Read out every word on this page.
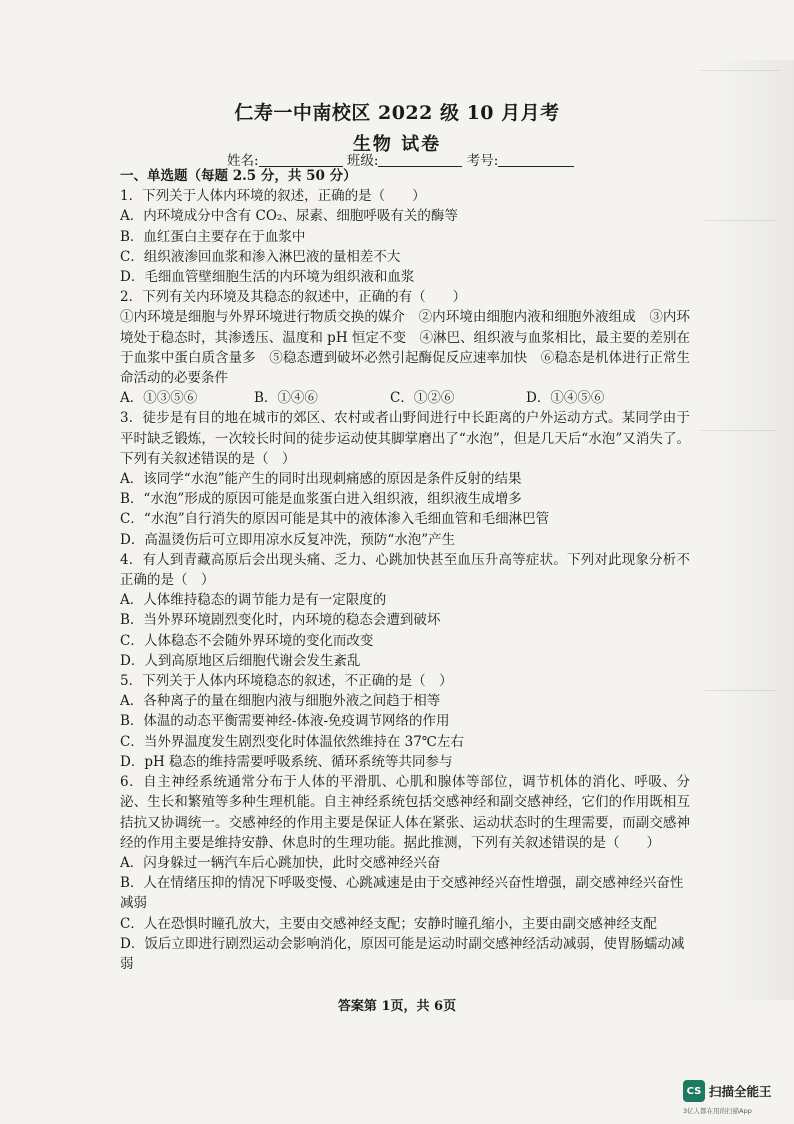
仁寿一中南校区 2022 级 10 月月考
生物 试卷
姓名:	班级:	考号:

一、单选题（每题 2.5 分，共 50 分）

1．下列关于人体内环境的叙述，正确的是（　　）

A．内环境成分中含有 CO₂、尿素、细胞呼吸有关的酶等

B．血红蛋白主要存在于血浆中

C．组织液渗回血浆和渗入淋巴液的量相差不大

D．毛细血管壁细胞生活的内环境为组织液和血浆

2．下列有关内环境及其稳态的叙述中，正确的有（　　）

①内环境是细胞与外界环境进行物质交换的媒介　②内环境由细胞内液和细胞外液组成　③内环境处于稳态时，其渗透压、温度和 pH 恒定不变　④淋巴、组织液与血浆相比，最主要的差别在于血浆中蛋白质含量多　⑤稳态遭到破坏必然引起酶促反应速率加快　⑥稳态是机体进行正常生命活动的必要条件

A．①③⑤⑥	B．①④⑥	C．①②⑥	D．①④⑤⑥

3．徒步是有目的地在城市的郊区、农村或者山野间进行中长距离的户外运动方式。某同学由于平时缺乏锻炼，一次较长时间的徒步运动使其脚掌磨出了“水泡”，但是几天后“水泡”又消失了。下列有关叙述错误的是（　）

A．该同学“水泡”能产生的同时出现刺痛感的原因是条件反射的结果

B．“水泡”形成的原因可能是血浆蛋白进入组织液，组织液生成增多

C．“水泡”自行消失的原因可能是其中的液体渗入毛细血管和毛细淋巴管

D．高温烫伤后可立即用凉水反复冲洗，预防“水泡”产生

4．有人到青藏高原后会出现头痛、乏力、心跳加快甚至血压升高等症状。下列对此现象分析不正确的是（　）

A．人体维持稳态的调节能力是有一定限度的

B．当外界环境剧烈变化时，内环境的稳态会遭到破坏

C．人体稳态不会随外界环境的变化而改变

D．人到高原地区后细胞代谢会发生紊乱

5．下列关于人体内环境稳态的叙述，不正确的是（　）

A．各种离子的量在细胞内液与细胞外液之间趋于相等

B．体温的动态平衡需要神经-体液-免疫调节网络的作用

C．当外界温度发生剧烈变化时体温依然维持在 37℃左右

D．pH 稳态的维持需要呼吸系统、循环系统等共同参与

6．自主神经系统通常分布于人体的平滑肌、心肌和腺体等部位，调节机体的消化、呼吸、分泌、生长和繁殖等多种生理机能。自主神经系统包括交感神经和副交感神经，它们的作用既相互拮抗又协调统一。交感神经的作用主要是保证人体在紧张、运动状态时的生理需要，而副交感神经的作用主要是维持安静、休息时的生理功能。据此推测，下列有关叙述错误的是（　　）

A．闪身躲过一辆汽车后心跳加快，此时交感神经兴奋

B．人在情绪压抑的情况下呼吸变慢、心跳减速是由于交感神经兴奋性增强，副交感神经兴奋性减弱

C．人在恐惧时瞳孔放大，主要由交感神经支配；安静时瞳孔缩小，主要由副交感神经支配

D．饭后立即进行剧烈运动会影响消化，原因可能是运动时副交感神经活动减弱，使胃肠蠕动减弱

答案第 1页，共 6页
CS 扫描全能王
3亿人都在用的扫描App
